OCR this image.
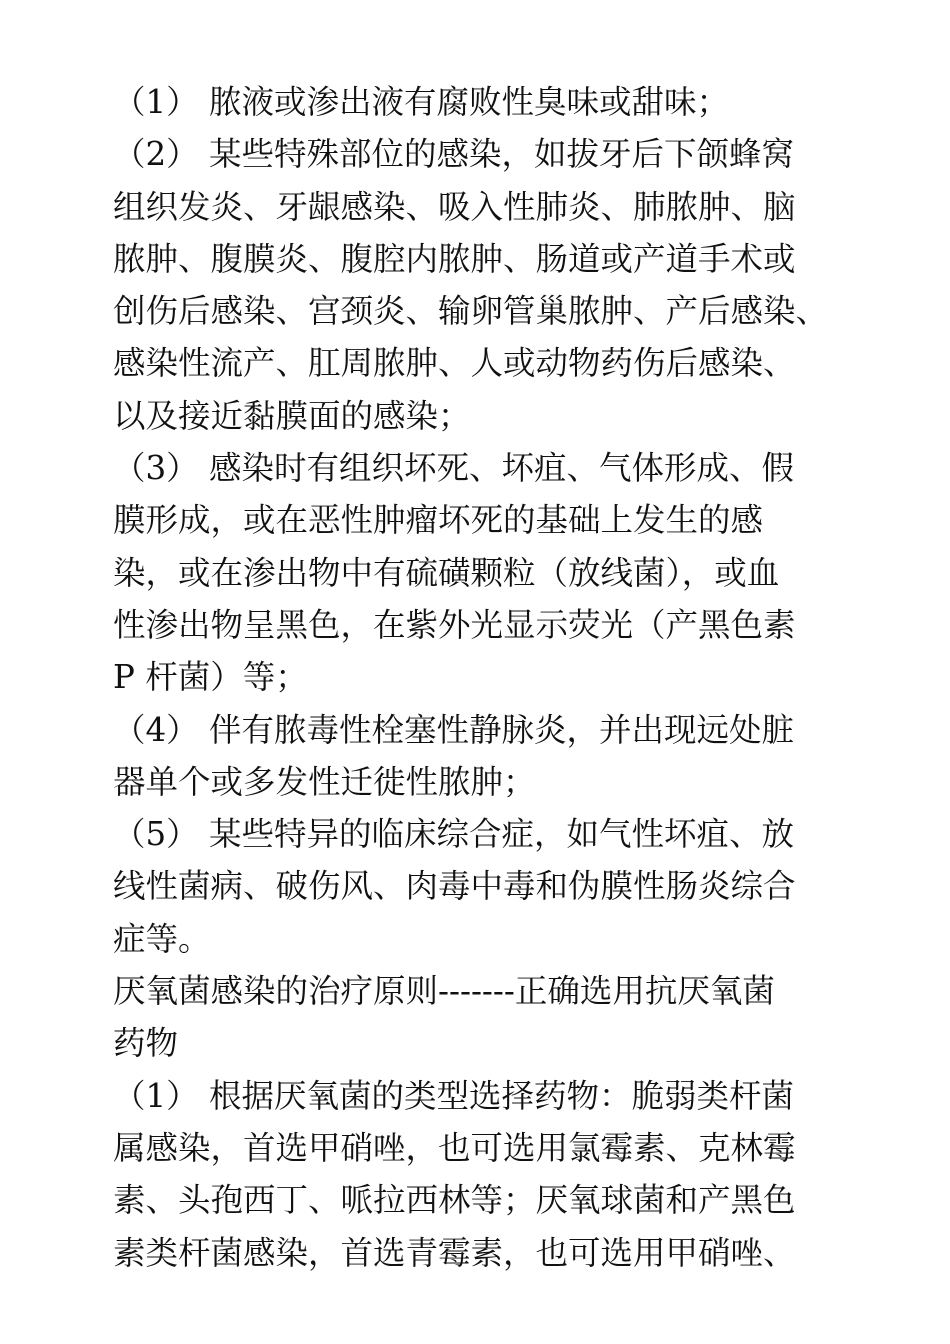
（1） 脓液或渗出液有腐败性臭味或甜味；
（2） 某些特殊部位的感染，如拔牙后下颌蜂窝
组织发炎、牙龈感染、吸入性肺炎、肺脓肿、脑
脓肿、腹膜炎、腹腔内脓肿、肠道或产道手术或
创伤后感染、宫颈炎、输卵管巢脓肿、产后感染、
感染性流产、肛周脓肿、人或动物药伤后感染、
以及接近黏膜面的感染；
（3） 感染时有组织坏死、坏疽、气体形成、假
膜形成，或在恶性肿瘤坏死的基础上发生的感
染，或在渗出物中有硫磺颗粒（放线菌），或血
性渗出物呈黑色，在紫外光显示荧光（产黑色素
P 杆菌）等；
（4） 伴有脓毒性栓塞性静脉炎，并出现远处脏
器单个或多发性迁徙性脓肿；
（5） 某些特异的临床综合症，如气性坏疽、放
线性菌病、破伤风、肉毒中毒和伪膜性肠炎综合
症等。
厌氧菌感染的治疗原则-------正确选用抗厌氧菌
药物
（1） 根据厌氧菌的类型选择药物：脆弱类杆菌
属感染，首选甲硝唑，也可选用氯霉素、克林霉
素、头孢西丁、哌拉西林等；厌氧球菌和产黑色
素类杆菌感染，首选青霉素，也可选用甲硝唑、
